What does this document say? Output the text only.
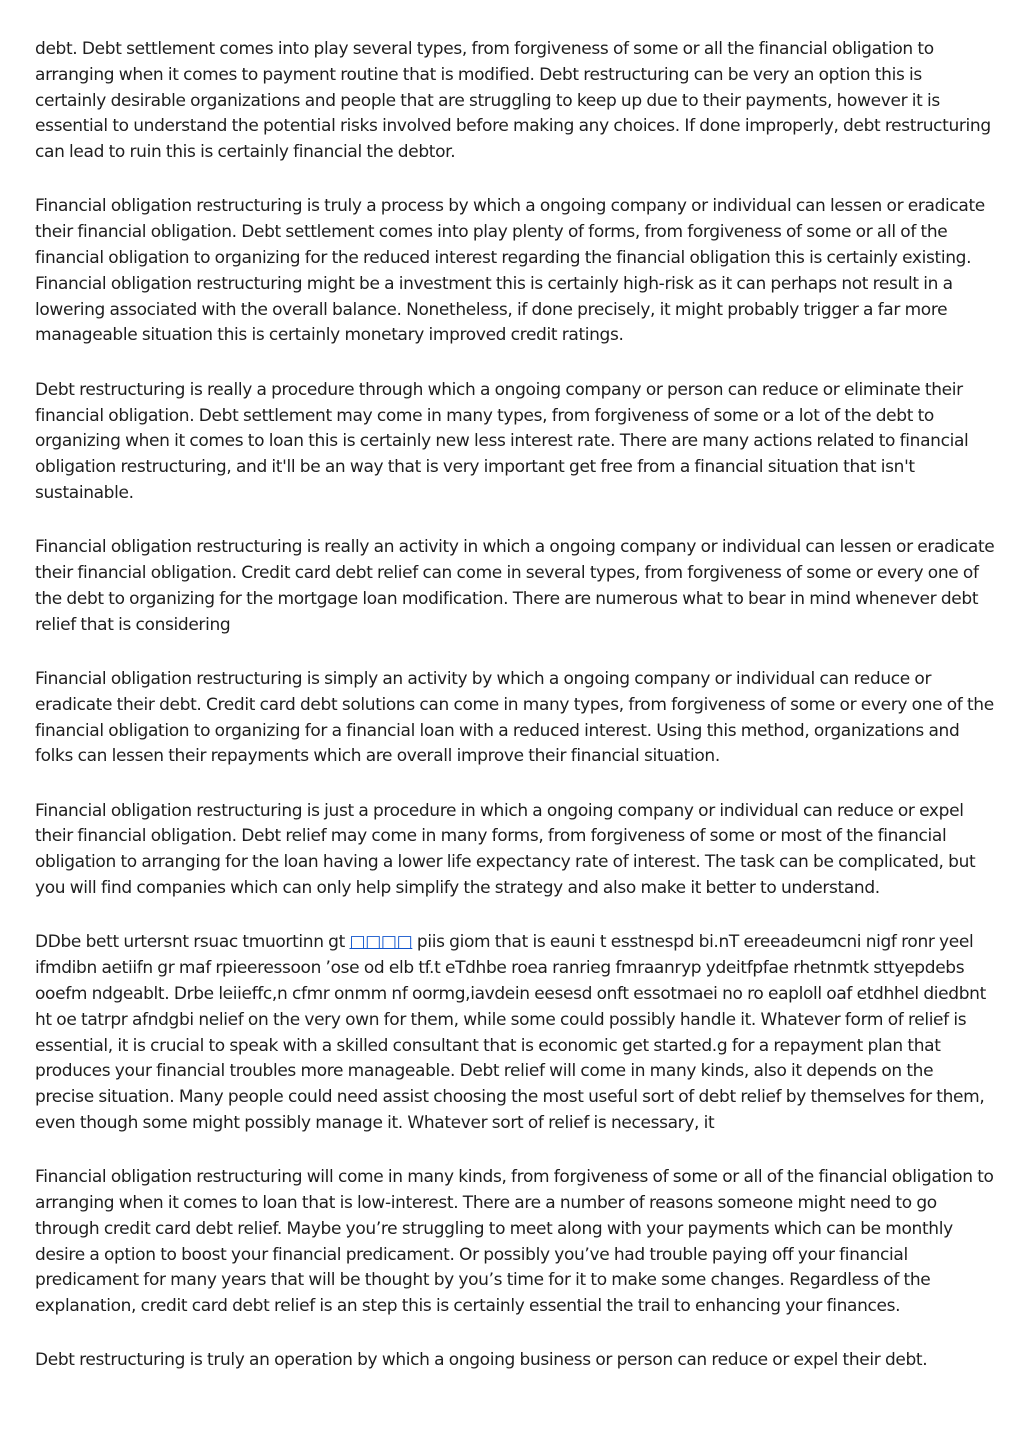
debt. Debt settlement comes into play several types, from forgiveness of some or all the financial obligation to arranging when it comes to payment routine that is modified. Debt restructuring can be very an option this is certainly desirable organizations and people that are struggling to keep up due to their payments, however it is essential to understand the potential risks involved before making any choices. If done improperly, debt restructuring can lead to ruin this is certainly financial the debtor.

Financial obligation restructuring is truly a process by which a ongoing company or individual can lessen or eradicate their financial obligation. Debt settlement comes into play plenty of forms, from forgiveness of some or all of the financial obligation to organizing for the reduced interest regarding the financial obligation this is certainly existing. Financial obligation restructuring might be a investment this is certainly high-risk as it can perhaps not result in a lowering associated with the overall balance. Nonetheless, if done precisely, it might probably trigger a far more manageable situation this is certainly monetary improved credit ratings.

Debt restructuring is really a procedure through which a ongoing company or person can reduce or eliminate their financial obligation. Debt settlement may come in many types, from forgiveness of some or a lot of the debt to organizing when it comes to loan this is certainly new less interest rate. There are many actions related to financial obligation restructuring, and it'll be an way that is very important get free from a financial situation that isn't sustainable.

Financial obligation restructuring is really an activity in which a ongoing company or individual can lessen or eradicate their financial obligation. Credit card debt relief can come in several types, from forgiveness of some or every one of the debt to organizing for the mortgage loan modification. There are numerous what to bear in mind whenever debt relief that is considering

Financial obligation restructuring is simply an activity by which a ongoing company or individual can reduce or eradicate their debt. Credit card debt solutions can come in many types, from forgiveness of some or every one of the financial obligation to organizing for a financial loan with a reduced interest. Using this method, organizations and folks can lessen their repayments which are overall improve their financial situation.

Financial obligation restructuring is just a procedure in which a ongoing company or individual can reduce or expel their financial obligation. Debt relief may come in many forms, from forgiveness of some or most of the financial obligation to arranging for the loan having a lower life expectancy rate of interest. The task can be complicated, but you will find companies which can only help simplify the strategy and also make it better to understand.

DDbe bett urtersnt rsuac tmuortinn gt □□□□ piis giom that is eauni t esstnespd bi.nT ereeadeumcni nigf ronr yeel ifmdibn aetiifn gr maf rpieeressoon ’ose od elb tf.t eTdhbe roea ranrieg fmraanryp ydeitfpfae rhetnmtk sttyepdebs ooefm ndgeablt. Drbe leiieffc,n cfmr onmm nf oormg,iavdein eesesd onft essotmaei no ro eaploll oaf etdhhel diedbnt ht oe tatrpr afndgbi nelief on the very own for them, while some could possibly handle it. Whatever form of relief is essential, it is crucial to speak with a skilled consultant that is economic get started.g for a repayment plan that produces your financial troubles more manageable. Debt relief will come in many kinds, also it depends on the precise situation. Many people could need assist choosing the most useful sort of debt relief by themselves for them, even though some might possibly manage it. Whatever sort of relief is necessary, it

Financial obligation restructuring will come in many kinds, from forgiveness of some or all of the financial obligation to arranging when it comes to loan that is low-interest. There are a number of reasons someone might need to go through credit card debt relief. Maybe you’re struggling to meet along with your payments which can be monthly desire a option to boost your financial predicament. Or possibly you’ve had trouble paying off your financial predicament for many years that will be thought by you’s time for it to make some changes. Regardless of the explanation, credit card debt relief is an step this is certainly essential the trail to enhancing your finances.

Debt restructuring is truly an operation by which a ongoing business or person can reduce or expel their debt.
